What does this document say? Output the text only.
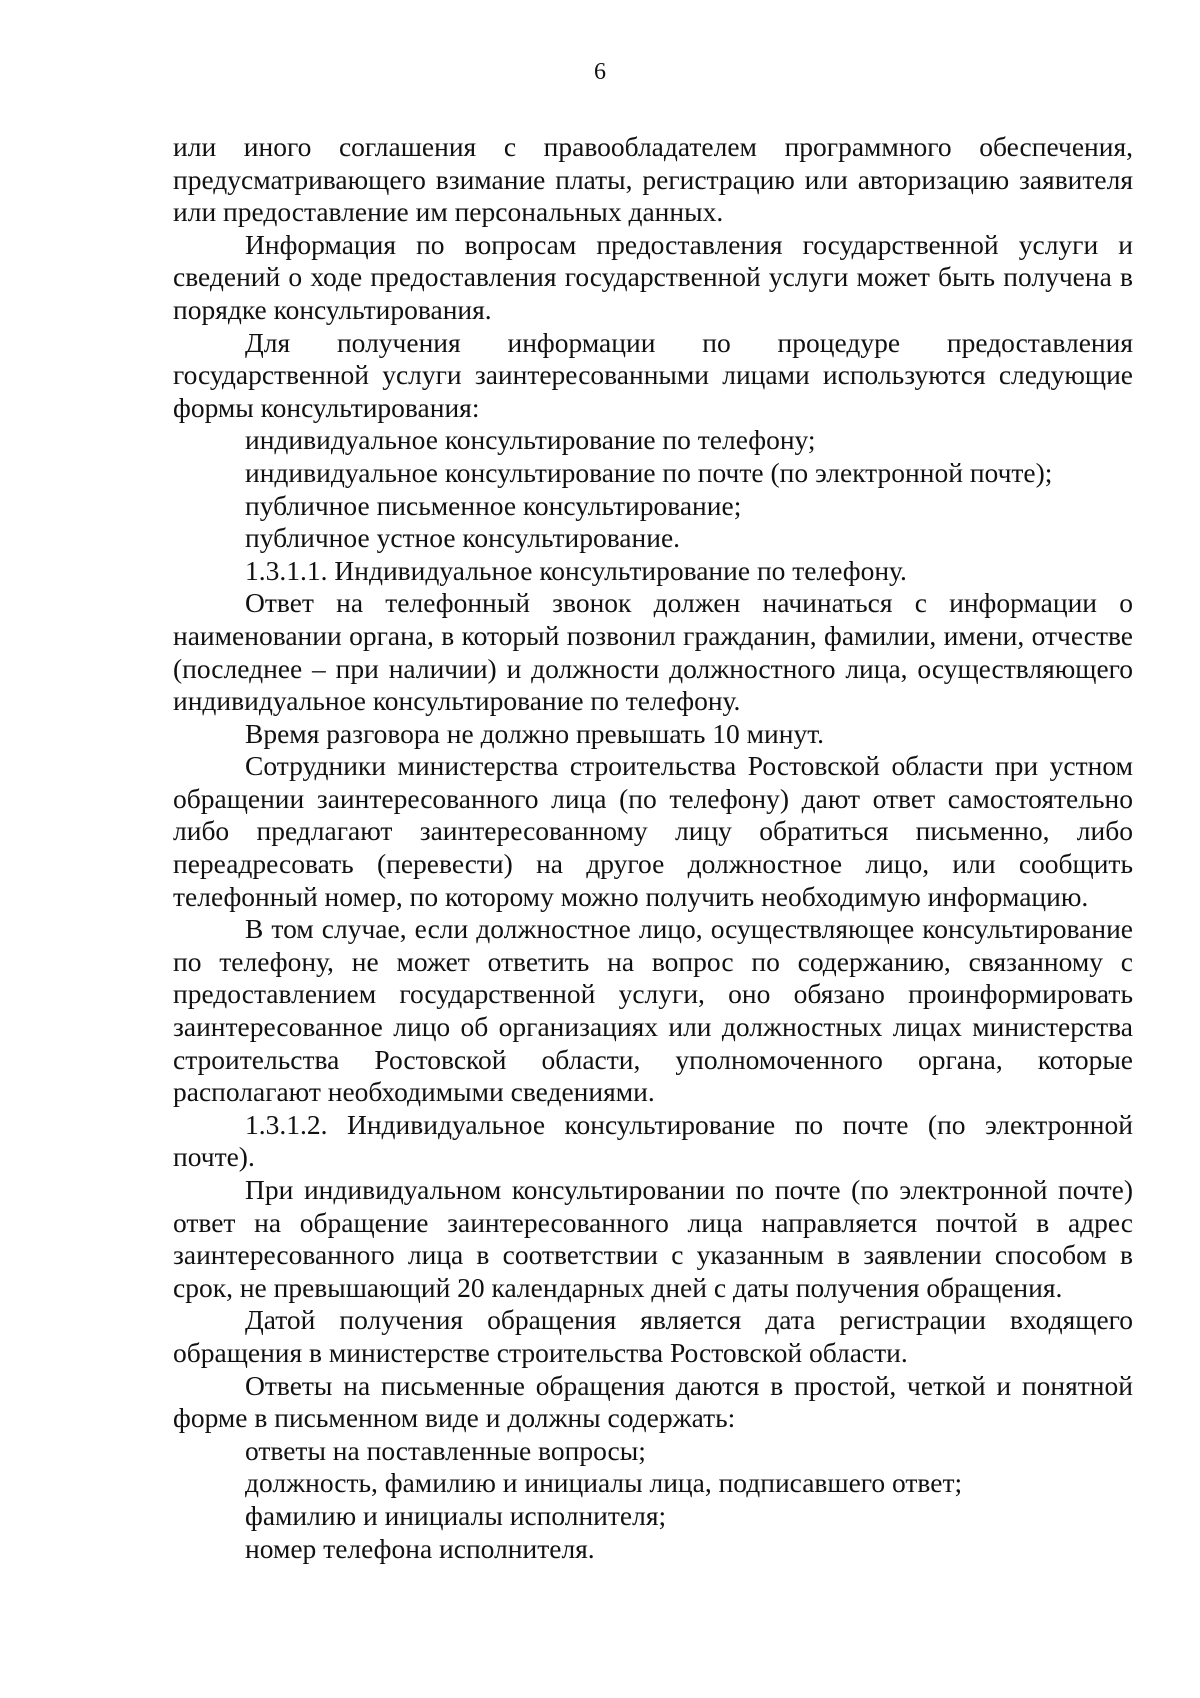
6

или иного соглашения с правообладателем программного обеспечения, предусматривающего взимание платы, регистрацию или авторизацию заявителя или предоставление им персональных данных.

Информация по вопросам предоставления государственной услуги и сведений о ходе предоставления государственной услуги может быть получена в порядке консультирования.

Для получения информации по процедуре предоставления государственной услуги заинтересованными лицами используются следующие формы консультирования:

индивидуальное консультирование по телефону;

индивидуальное консультирование по почте (по электронной почте);

публичное письменное консультирование;

публичное устное консультирование.

1.3.1.1. Индивидуальное консультирование по телефону.

Ответ на телефонный звонок должен начинаться с информации о наименовании органа, в который позвонил гражданин, фамилии, имени, отчестве (последнее – при наличии) и должности должностного лица, осуществляющего индивидуальное консультирование по телефону.

Время разговора не должно превышать 10 минут.

Сотрудники министерства строительства Ростовской области при устном обращении заинтересованного лица (по телефону) дают ответ самостоятельно либо предлагают заинтересованному лицу обратиться письменно, либо переадресовать (перевести) на другое должностное лицо, или сообщить телефонный номер, по которому можно получить необходимую информацию.

В том случае, если должностное лицо, осуществляющее консультирование по телефону, не может ответить на вопрос по содержанию, связанному с предоставлением государственной услуги, оно обязано проинформировать заинтересованное лицо об организациях или должностных лицах министерства строительства Ростовской области, уполномоченного органа, которые располагают необходимыми сведениями.

1.3.1.2. Индивидуальное консультирование по почте (по электронной почте).

При индивидуальном консультировании по почте (по электронной почте) ответ на обращение заинтересованного лица направляется почтой в адрес заинтересованного лица в соответствии с указанным в заявлении способом в срок, не превышающий 20 календарных дней с даты получения обращения.

Датой получения обращения является дата регистрации входящего обращения в министерстве строительства Ростовской области.

Ответы на письменные обращения даются в простой, четкой и понятной форме в письменном виде и должны содержать:

ответы на поставленные вопросы;

должность, фамилию и инициалы лица, подписавшего ответ;

фамилию и инициалы исполнителя;

номер телефона исполнителя.
